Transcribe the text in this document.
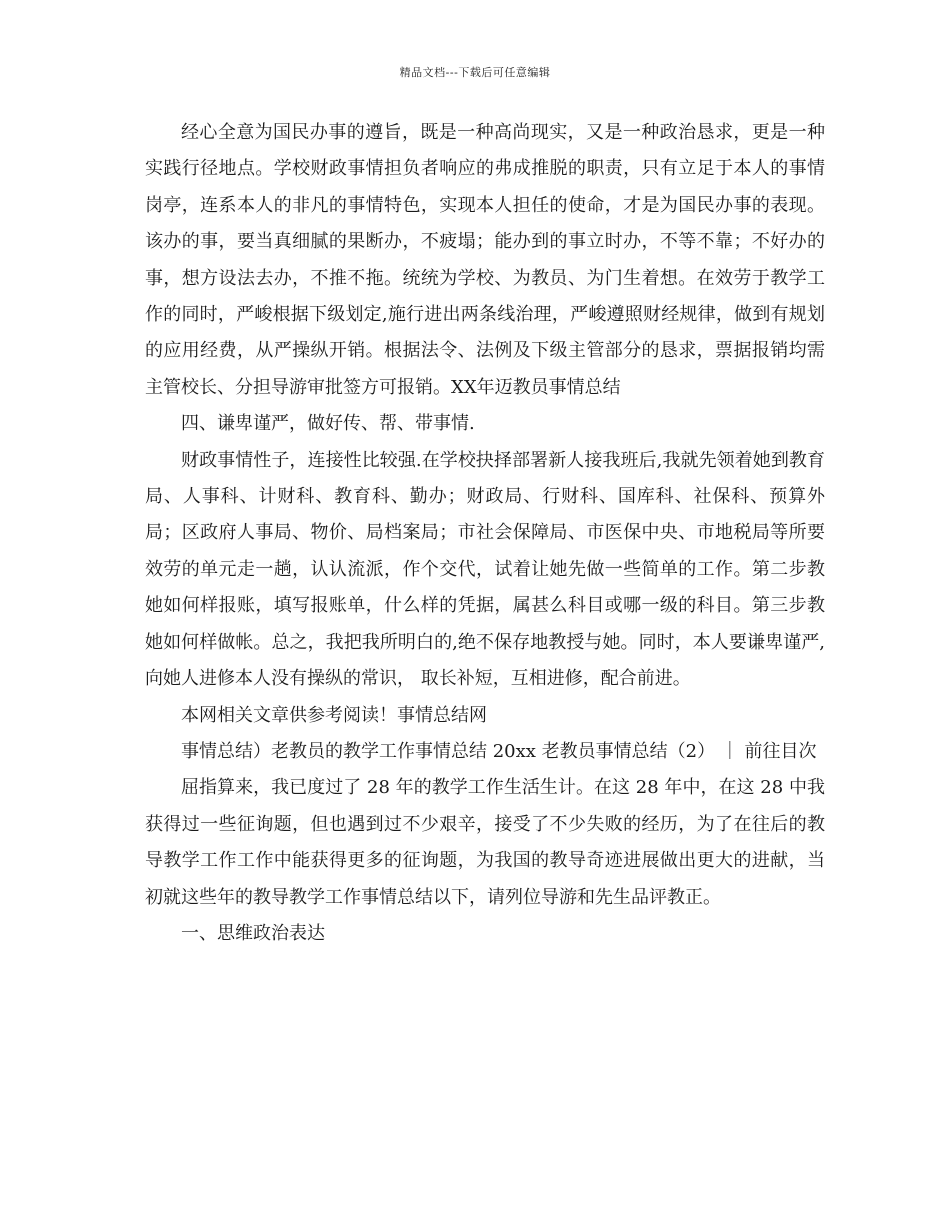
精品文档---下载后可任意编辑

经心全意为国民办事的遵旨，既是一种高尚现实，又是一种政治恳求，更是一种实践行径地点。学校财政事情担负者响应的弗成推脱的职责，只有立足于本人的事情岗亭，连系本人的非凡的事情特色，实现本人担任的使命，才是为国民办事的表现。该办的事，要当真细腻的果断办，不疲塌；能办到的事立时办，不等不靠；不好办的事，想方设法去办，不推不拖。统统为学校、为教员、为门生着想。在效劳于教学工作的同时，严峻根据下级划定,施行进出两条线治理，严峻遵照财经规律，做到有规划的应用经费，从严操纵开销。根据法令、法例及下级主管部分的恳求，票据报销均需主管校长、分担导游审批签方可报销。XX年迈教员事情总结

四、谦卑谨严，做好传、帮、带事情.

财政事情性子，连接性比较强.在学校抉择部署新人接我班后,我就先领着她到教育局、人事科、计财科、教育科、勤办；财政局、行财科、国库科、社保科、预算外局；区政府人事局、物价、局档案局；市社会保障局、市医保中央、市地税局等所要效劳的单元走一趟，认认流派，作个交代，试着让她先做一些简单的工作。第二步教她如何样报账，填写报账单，什么样的凭据，属甚么科目或哪一级的科目。第三步教她如何样做帐。总之，我把我所明白的,绝不保存地教授与她。同时，本人要谦卑谨严,向她人进修本人没有操纵的常识， 取长补短，互相进修，配合前进。

本网相关文章供参考阅读！事情总结网

事情总结）老教员的教学工作事情总结 20xx 老教员事情总结（2） ｜ 前往目次

屈指算来，我已度过了 28 年的教学工作生活生计。在这 28 年中，在这 28 中我获得过一些征询题，但也遇到过不少艰辛，接受了不少失败的经历，为了在往后的教导教学工作工作中能获得更多的征询题，为我国的教导奇迹进展做出更大的进献，当初就这些年的教导教学工作事情总结以下，请列位导游和先生品评教正。

一、思维政治表达
